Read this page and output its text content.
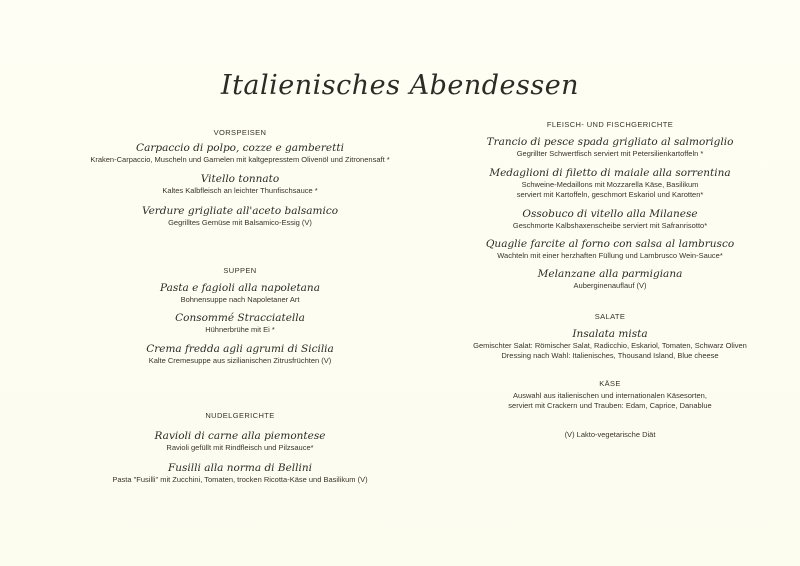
Italienisches Abendessen
VORSPEISEN
Carpaccio di polpo, cozze e gamberetti
Kraken-Carpaccio, Muscheln und Garnelen mit kaltgepresstem Olivenöl und Zitronensaft *
Vitello tonnato
Kaltes Kalbfleisch an leichter Thunfischsauce *
Verdure grigliate all'aceto balsamico
Gegrilltes Gemüse mit Balsamico-Essig (V)
SUPPEN
Pasta e fagioli alla napoletana
Bohnensuppe nach Napoletaner Art
Consommé Stracciatella
Hühnerbrühe mit Ei *
Crema fredda agli agrumi di Sicilia
Kalte Cremesuppe aus sizilianischen Zitrusfrüchten (V)
NUDELGERICHTE
Ravioli di carne alla piemontese
Ravioli gefüllt mit Rindfleisch und Pilzsauce*
Fusilli alla norma di Bellini
Pasta "Fusilli" mit Zucchini, Tomaten, trocken Ricotta-Käse und Basilikum (V)
FLEISCH- UND FISCHGERICHTE
Trancio di pesce spada grigliato al salmoriglio
Gegrillter Schwertfisch serviert mit Petersilienkartoffeln *
Medaglioni di filetto di maiale alla sorrentina
Schweine-Medaillons mit Mozzarella Käse, Basilikum
serviert mit Kartoffeln, geschmort Eskariol und Karotten*
Ossobuco di vitello alla Milanese
Geschmorte Kalbshaxenscheibe serviert mit Safranrisotto*
Quaglie farcite al forno con salsa al lambrusco
Wachteln mit einer herzhaften Füllung und Lambrusco Wein-Sauce*
Melanzane alla parmigiana
Auberginenauflauf (V)
SALATE
Insalata mista
Gemischter Salat: Römischer Salat, Radicchio, Eskariol, Tomaten, Schwarz Oliven
Dressing nach Wahl: Italienisches, Thousand Island, Blue cheese
KÄSE
Auswahl aus italienischen und internationalen Käsesorten,
serviert mit Crackern und Trauben: Edam, Caprice, Danablue
(V) Lakto-vegetarische Diät
